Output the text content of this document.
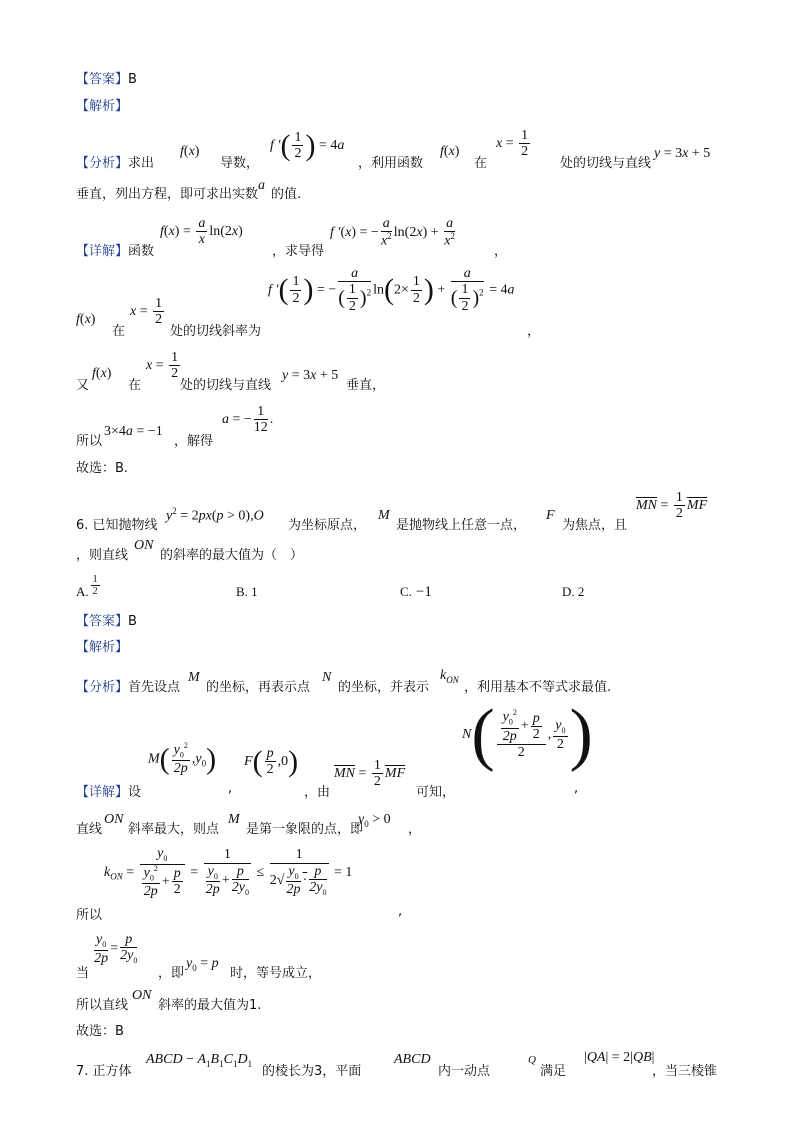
【答案】B
【解析】
【分析】求出
f(x)
导数，
f ′( $\frac{1}{2}$ ) = 4a
，利用函数
f(x)
在
$x = \frac{1}{2}$
处的切线与直线
y = 3x + 5
垂直，列出方程，即可求出实数
a
的值.
【详解】函数
$f(x) = \frac{a}{x} \ln(2x)$
，求导得
f ′(x) = − $\frac{a}{x^2} \ln(2x) + \frac{a}{x^2}$
，
f ′( $\frac{1}{2}$ ) = − $\frac{a}{( \frac{1}{2} )^2} \ln(2\times \frac{1}{2}$ ) + $\frac{a}{( \frac{1}{2} )^2} = 4a$
f(x)
在
$x = \frac{1}{2}$
处的切线斜率为	，
又
f(x)
在
$x = \frac{1}{2}$
处的切线与直线
y = 3x + 5
垂直，
所以
3×4a = −1
，解得
a = − $\frac{1}{12}$ .
故选：B.
6. 已知抛物线
$y^2 = 2px(p > 0),O$
为坐标原点，
M
是抛物线上任意一点，
F
为焦点，且
$\overline{MN} = \frac{1}{2} \overline{MF}$
，则直线
ON
的斜率的最大值为（　）
A. $\frac{1}{2}$	B. 1	C. −1	D. 2
【答案】B
【解析】
【分析】首先设点
M
的坐标，再表示点
N
的坐标，并表示
$k_{ON}$
，利用基本不等式求最值.
【详解】设
$M( \frac{y_0^2}{2p} ,y_0)$
,
$F( \frac{p}{2} ,0)$
，由
$\overline{MN} = \frac{1}{2} \overline{MF}$
可知，
$N( \frac{\frac{y_0^2}{2p} + \frac{p}{2}}{2}$ , $\frac{y_0}{2}$ )
,
直线
ON
斜率最大，则点
M
是第一象限的点，即
$y_0 > 0$
，
$k_{ON} = \frac{y_0}{\frac{y_0^2}{2p} + \frac{p}{2}} = \frac{1}{\frac{y_0}{2p} + \frac{p}{2y_0}} \le \frac{1}{2√ \frac{y_0}{2p} \cdot \frac{p}{2y_0}} = 1$
所以	,
当
$\frac{y_0}{2p} = \frac{p}{2y_0}$
，即
$y_0 = p$
时，等号成立，
所以直线
ON
斜率的最大值为1.
故选：B
7. 正方体
ABCD − $A_1B_1C_1D_1$
的棱长为3，平面
ABCD
内一动点
Q
满足
|QA| = 2|QB|
，当三棱锥
